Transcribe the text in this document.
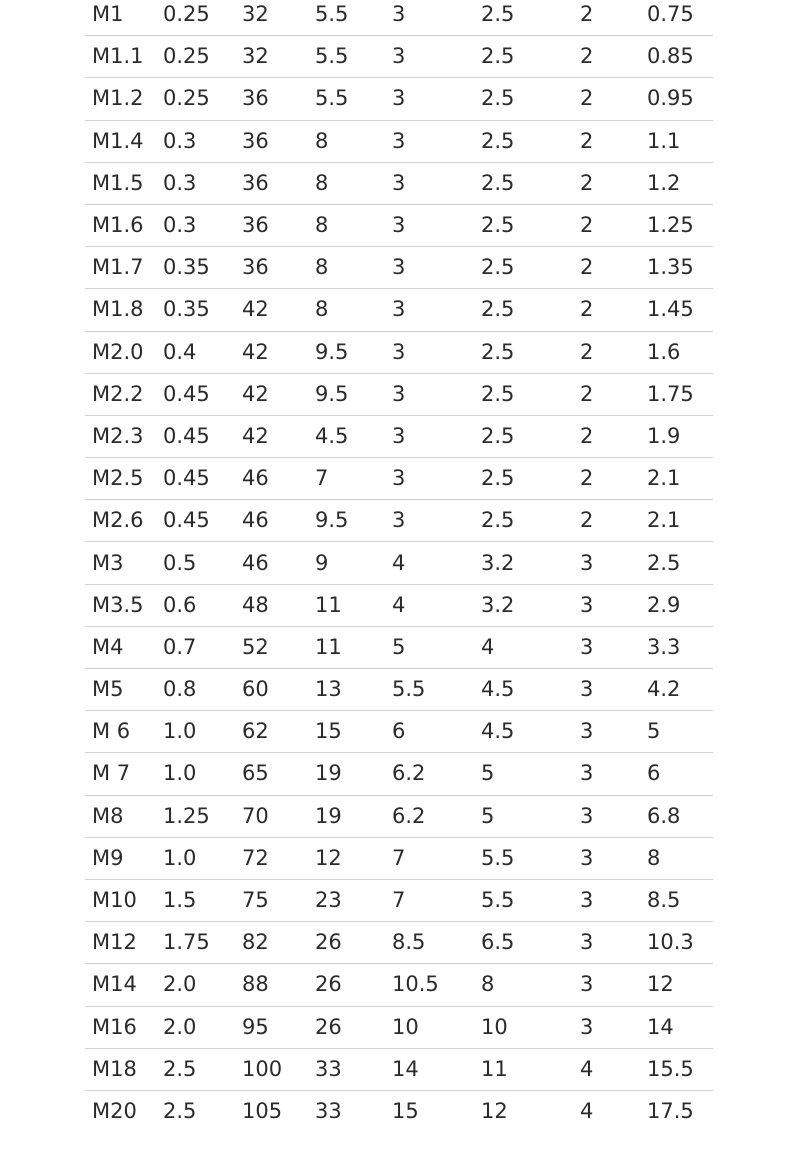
M1	0.25	32	5.5	3	2.5	2	0.75
M1.1	0.25	32	5.5	3	2.5	2	0.85
M1.2	0.25	36	5.5	3	2.5	2	0.95
M1.4	0.3	36	8	3	2.5	2	1.1
M1.5	0.3	36	8	3	2.5	2	1.2
M1.6	0.3	36	8	3	2.5	2	1.25
M1.7	0.35	36	8	3	2.5	2	1.35
M1.8	0.35	42	8	3	2.5	2	1.45
M2.0	0.4	42	9.5	3	2.5	2	1.6
M2.2	0.45	42	9.5	3	2.5	2	1.75
M2.3	0.45	42	4.5	3	2.5	2	1.9
M2.5	0.45	46	7	3	2.5	2	2.1
M2.6	0.45	46	9.5	3	2.5	2	2.1
M3	0.5	46	9	4	3.2	3	2.5
M3.5	0.6	48	11	4	3.2	3	2.9
M4	0.7	52	11	5	4	3	3.3
M5	0.8	60	13	5.5	4.5	3	4.2
M 6	1.0	62	15	6	4.5	3	5
M 7	1.0	65	19	6.2	5	3	6
M8	1.25	70	19	6.2	5	3	6.8
M9	1.0	72	12	7	5.5	3	8
M10	1.5	75	23	7	5.5	3	8.5
M12	1.75	82	26	8.5	6.5	3	10.3
M14	2.0	88	26	10.5	8	3	12
M16	2.0	95	26	10	10	3	14
M18	2.5	100	33	14	11	4	15.5
M20	2.5	105	33	15	12	4	17.5
